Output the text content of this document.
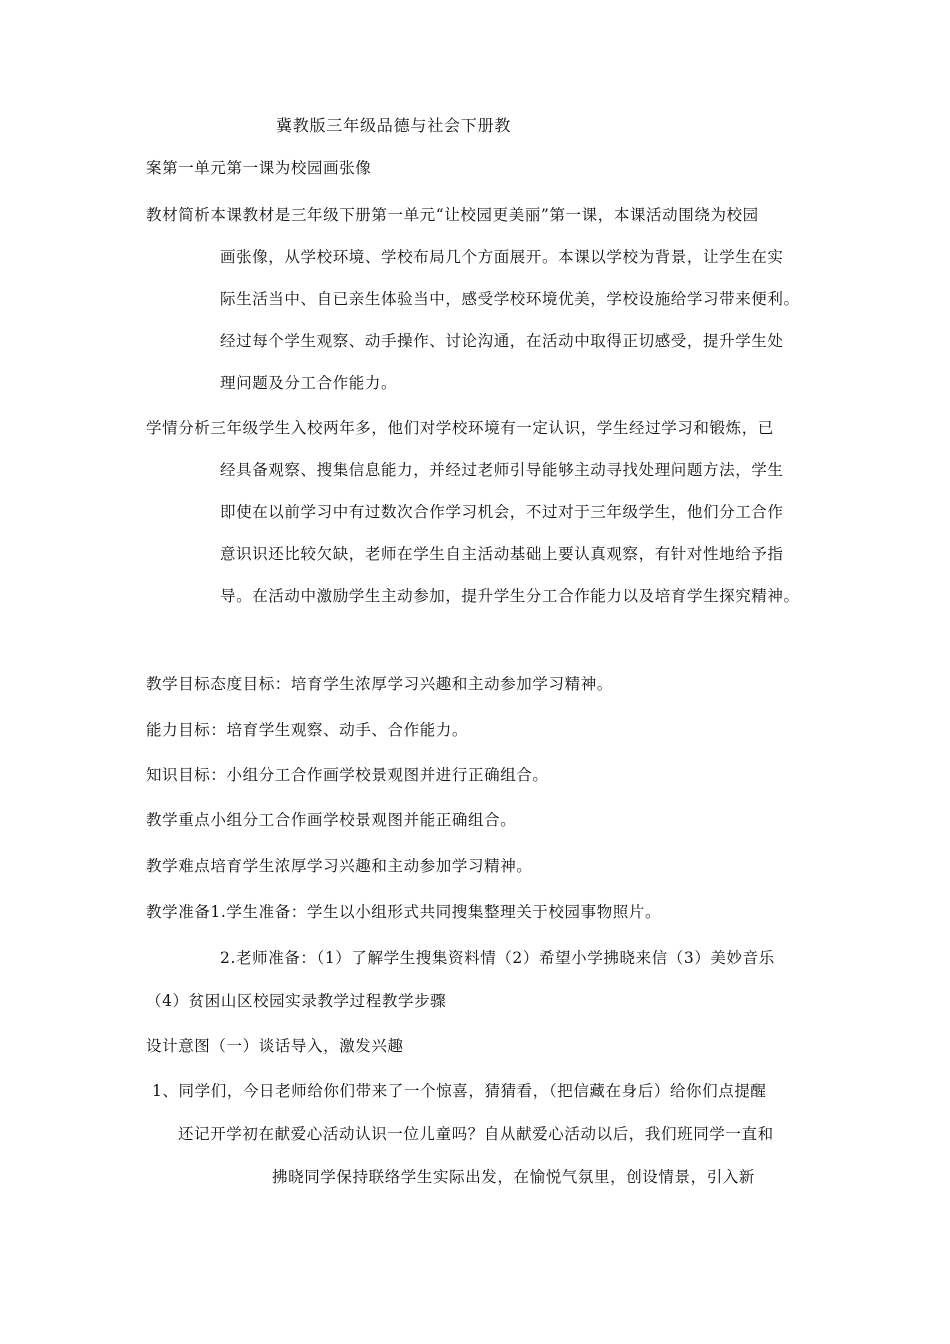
冀教版三年级品德与社会下册教
案第一单元第一课为校园画张像
教材简析本课教材是三年级下册第一单元“让校园更美丽”第一课，本课活动围绕为校园
画张像，从学校环境、学校布局几个方面展开。本课以学校为背景，让学生在实
际生活当中、自已亲生体验当中，感受学校环境优美，学校设施给学习带来便利。
经过每个学生观察、动手操作、讨论沟通，在活动中取得正切感受，提升学生处
理问题及分工合作能力。
学情分析三年级学生入校两年多，他们对学校环境有一定认识，学生经过学习和锻炼，已
经具备观察、搜集信息能力，并经过老师引导能够主动寻找处理问题方法，学生
即使在以前学习中有过数次合作学习机会，不过对于三年级学生，他们分工合作
意识识还比较欠缺，老师在学生自主活动基础上要认真观察，有针对性地给予指
导。在活动中激励学生主动参加，提升学生分工合作能力以及培育学生探究精神。
教学目标态度目标：培育学生浓厚学习兴趣和主动参加学习精神。
能力目标：培育学生观察、动手、合作能力。
知识目标：小组分工合作画学校景观图并进行正确组合。
教学重点小组分工合作画学校景观图并能正确组合。
教学难点培育学生浓厚学习兴趣和主动参加学习精神。
教学准备1.学生准备：学生以小组形式共同搜集整理关于校园事物照片。
2.老师准备：（1）了解学生搜集资料情（2）希望小学拂晓来信（3）美妙音乐
（4）贫困山区校园实录教学过程教学步骤
设计意图（一）谈话导入，激发兴趣
1、同学们，今日老师给你们带来了一个惊喜，猜猜看，（把信藏在身后）给你们点提醒
还记开学初在献爱心活动认识一位儿童吗？自从献爱心活动以后，我们班同学一直和
拂晓同学保持联络学生实际出发，在愉悦气氛里，创设情景，引入新
